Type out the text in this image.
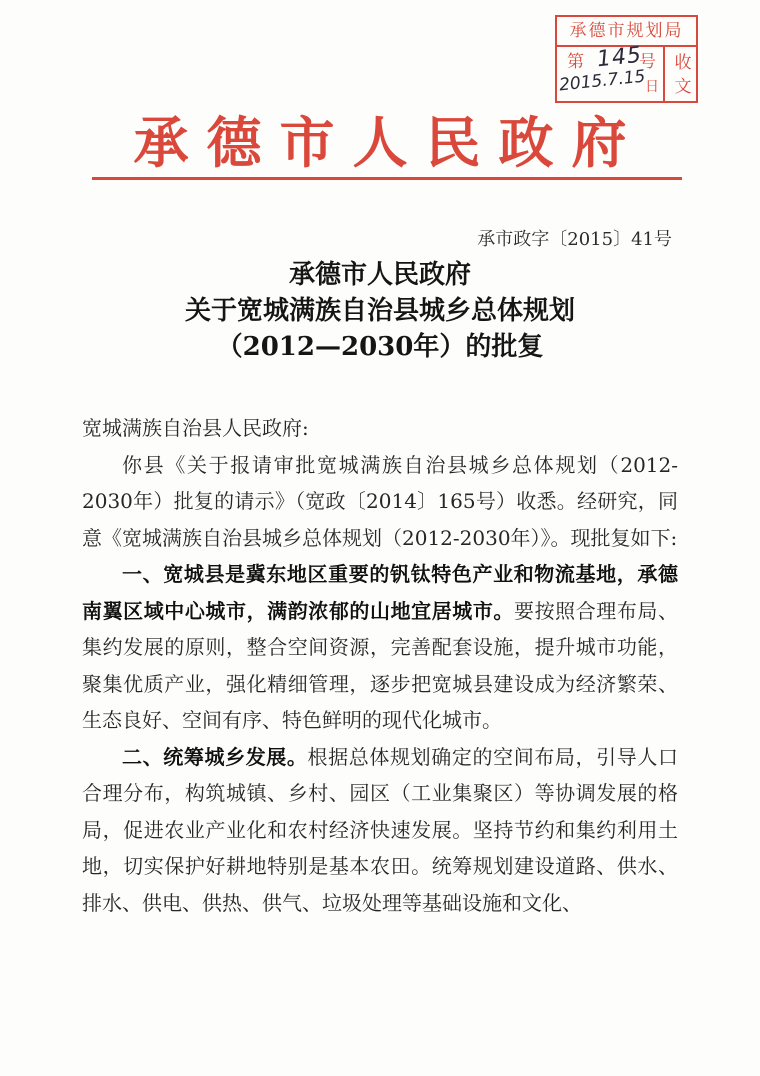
承德市规划局
第	号
日
145
2015.7.15
收
文
承德市人民政府
承市政字〔2015〕41号
承德市人民政府
关于宽城满族自治县城乡总体规划
（2012—2030年）的批复

宽城满族自治县人民政府:

你县《关于报请审批宽城满族自治县城乡总体规划（2012-2030年）批复的请示》（宽政〔2014〕165号）收悉。经研究，同意《宽城满族自治县城乡总体规划（2012-2030年）》。现批复如下:

一、宽城县是冀东地区重要的钒钛特色产业和物流基地，承德南翼区域中心城市，满韵浓郁的山地宜居城市。要按照合理布局、集约发展的原则，整合空间资源，完善配套设施，提升城市功能，聚集优质产业，强化精细管理，逐步把宽城县建设成为经济繁荣、生态良好、空间有序、特色鲜明的现代化城市。

二、统筹城乡发展。根据总体规划确定的空间布局，引导人口合理分布，构筑城镇、乡村、园区（工业集聚区）等协调发展的格局，促进农业产业化和农村经济快速发展。坚持节约和集约利用土地，切实保护好耕地特别是基本农田。统筹规划建设道路、供水、排水、供电、供热、供气、垃圾处理等基础设施和文化、
